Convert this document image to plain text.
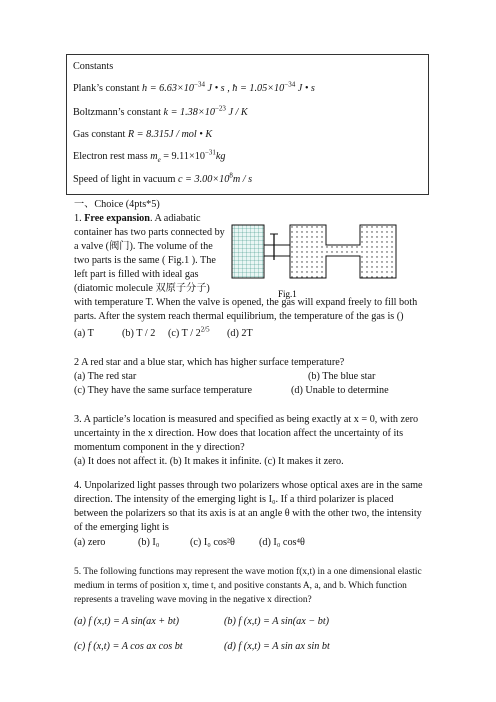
Constants
Plank’s constant $h = 6.63\times 10^{-34}$ J • s , ħ = $1.05\times 10^{-34}$ J • s
Boltzmann’s constant $k = 1.38\times 10^{-23}$ J / K
Gas constant R = 8.315J / mol • K
Electron rest mass $m_e = 9.11\times 10^{-31}kg$
Speed of light in vacuum $c = 3.00\times 10^8m / s$
一、Choice (4pts*5)
1. Free expansion. A adiabatic
container has two parts connected by
a valve (阀门). The volume of the
two parts is the same ( Fig.1 ). The
left part is filled with ideal gas
(diatomic molecule 双原子分子)
with temperature T. When the valve is opened, the gas will expand freely to fill both
parts. After the system reach thermal equilibrium, the temperature of the gas is ()
Fig.1
(a) T	(b) T / 2 (c) T / $2^{2/5}$ (d) 2T
2 A red star and a blue star, which has higher surface temperature?
(a) The red star	(b) The blue star
(c) They have the same surface temperature	(d) Unable to determine
3. A particle’s location is measured and specified as being exactly at x = 0, with zero
uncertainty in the x direction. How does that location affect the uncertainty of its
momentum component in the y direction?
(a) It does not affect it. (b) It makes it infinite. (c) It makes it zero.
4. Unpolarized light passes through two polarizers whose optical axes are in the same
direction. The intensity of the emerging light is I₀. If a third polarizer is placed
between the polarizers so that its axis is at an angle θ with the other two, the intensity
of the emerging light is
(a) zero	(b) I₀	(c) I₀ cos²θ (d) I₀ cos⁴θ
5. The following functions may represent the wave motion f(x,t) in a one dimensional elastic
medium in terms of position x, time t, and positive constants A, a, and b. Which function
represents a traveling wave moving in the negative x direction?
(a) f (x,t) = A sin(ax + bt)	(b) f (x,t) = A sin(ax − bt)
(c) f (x,t) = A cos ax cos bt	(d) f (x,t) = A sin ax sin bt
